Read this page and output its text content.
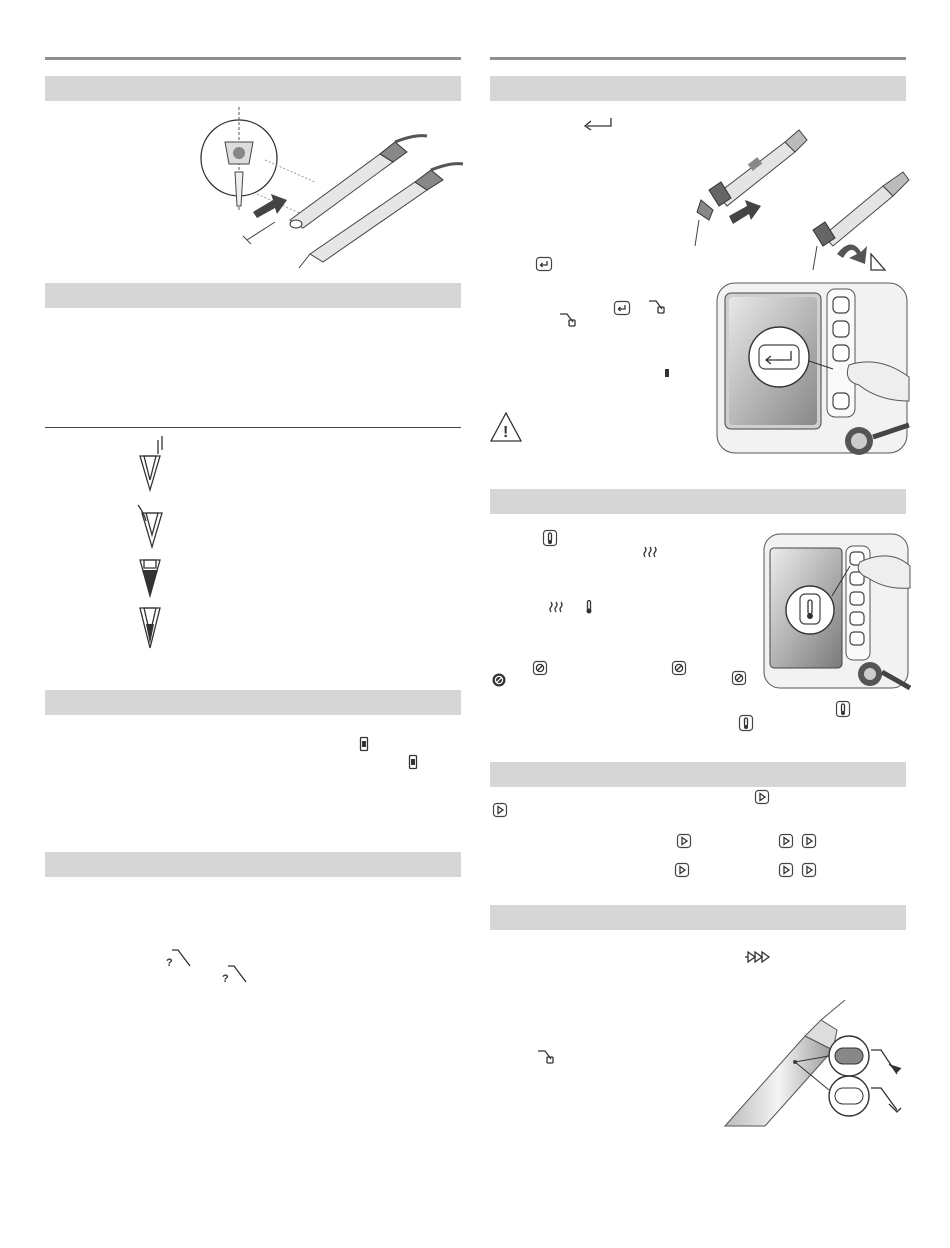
?
?
!
